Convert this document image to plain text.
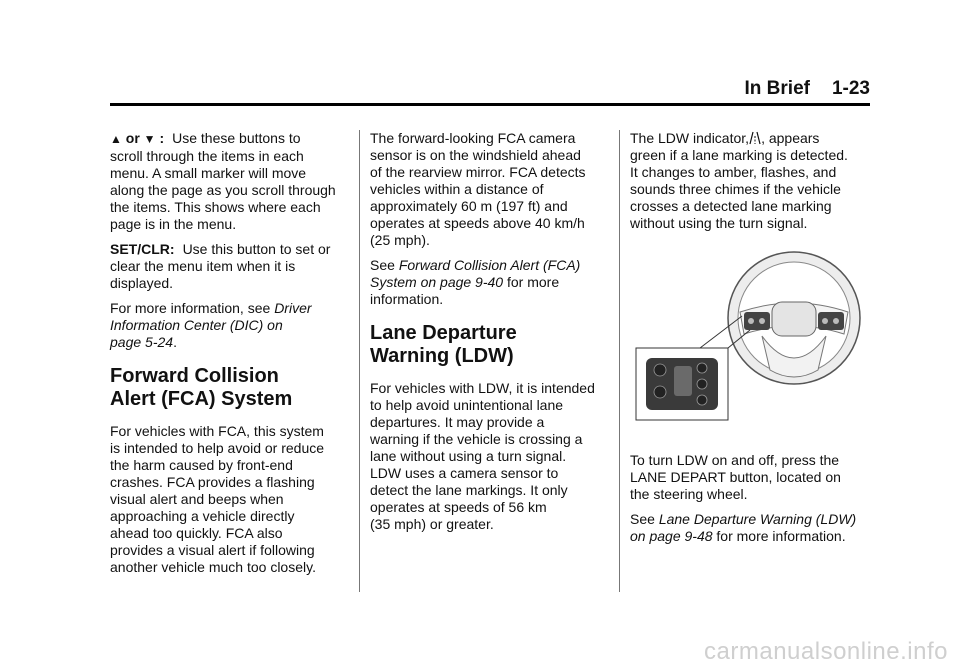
In Brief 1-23

▲ or ▼ : Use these buttons to
scroll through the items in each
menu. A small marker will move
along the page as you scroll through
the items. This shows where each
page is in the menu.

SET/CLR: Use this button to set or
clear the menu item when it is
displayed.

For more information, see Driver
Information Center (DIC) on
page 5-24.

Forward Collision
Alert (FCA) System

For vehicles with FCA, this system
is intended to help avoid or reduce
the harm caused by front-end
crashes. FCA provides a flashing
visual alert and beeps when
approaching a vehicle directly
ahead too quickly. FCA also
provides a visual alert if following
another vehicle much too closely.

The forward-looking FCA camera
sensor is on the windshield ahead
of the rearview mirror. FCA detects
vehicles within a distance of
approximately 60 m (197 ft) and
operates at speeds above 40 km/h
(25 mph).

See Forward Collision Alert (FCA)
System on page 9-40 for more
information.

Lane Departure
Warning (LDW)

For vehicles with LDW, it is intended
to help avoid unintentional lane
departures. It may provide a
warning if the vehicle is crossing a
lane without using a turn signal.
LDW uses a camera sensor to
detect the lane markings. It only
operates at speeds of 56 km
(35 mph) or greater.

The LDW indicator, , appears
green if a lane marking is detected.
It changes to amber, flashes, and
sounds three chimes if the vehicle
crosses a detected lane marking
without using the turn signal.

To turn LDW on and off, press the
LANE DEPART button, located on
the steering wheel.

See Lane Departure Warning (LDW)
on page 9-48 for more information.

carmanualsonline.info
